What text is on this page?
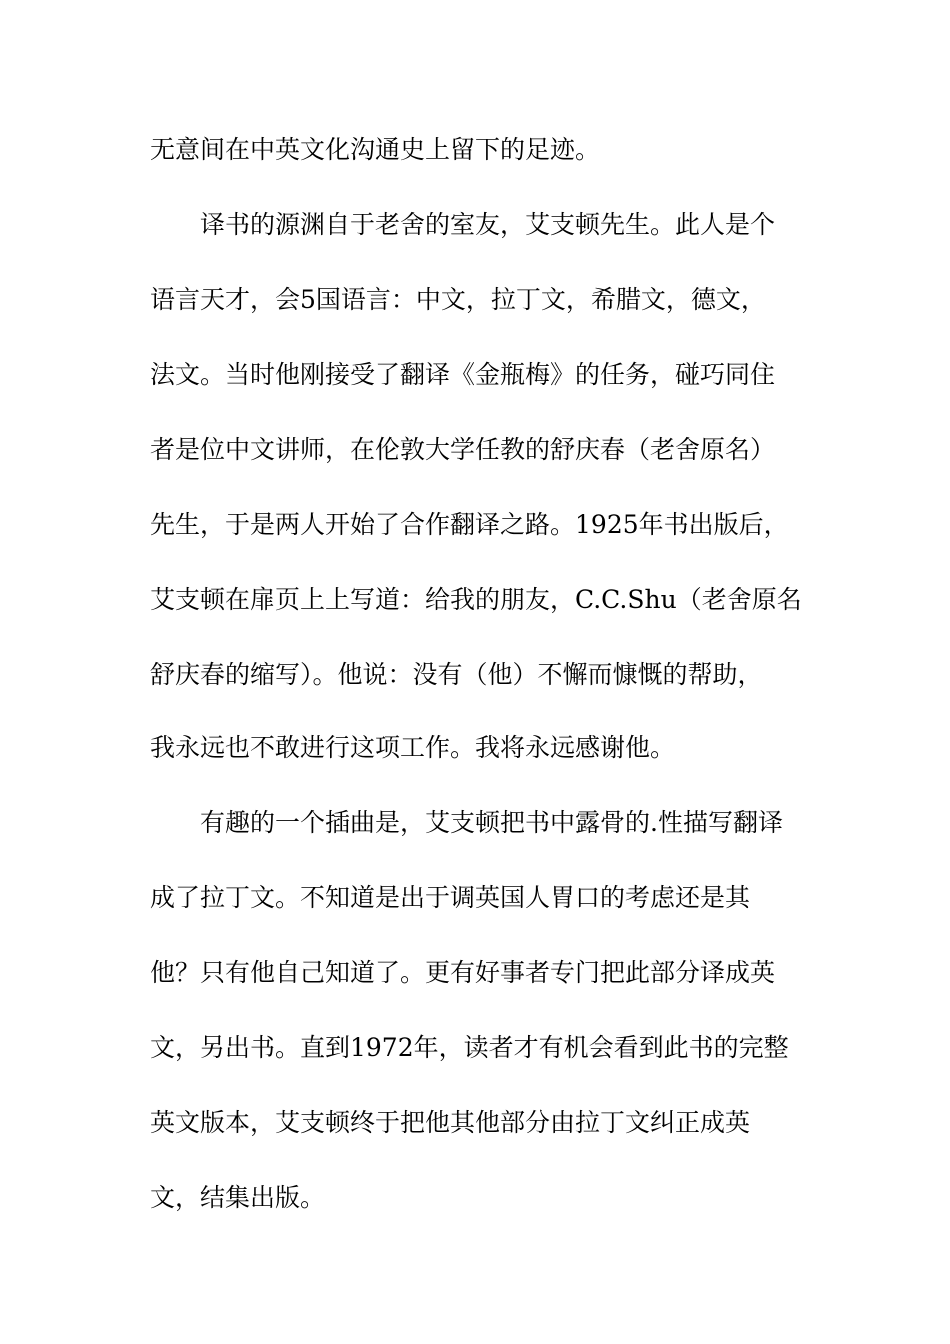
无意间在中英文化沟通史上留下的足迹。
译书的源渊自于老舍的室友，艾支顿先生。此人是个
语言天才，会5国语言：中文，拉丁文，希腊文，德文，
法文。当时他刚接受了翻译《金瓶梅》的任务，碰巧同住
者是位中文讲师，在伦敦大学任教的舒庆春（老舍原名）
先生，于是两人开始了合作翻译之路。1925年书出版后，
艾支顿在扉页上上写道：给我的朋友，C.C.Shu（老舍原名
舒庆春的缩写）。他说：没有（他）不懈而慷慨的帮助，
我永远也不敢进行这项工作。我将永远感谢他。
有趣的一个插曲是，艾支顿把书中露骨的.性描写翻译
成了拉丁文。不知道是出于调英国人胃口的考虑还是其
他？只有他自己知道了。更有好事者专门把此部分译成英
文，另出书。直到1972年，读者才有机会看到此书的完整
英文版本，艾支顿终于把他其他部分由拉丁文纠正成英
文，结集出版。
